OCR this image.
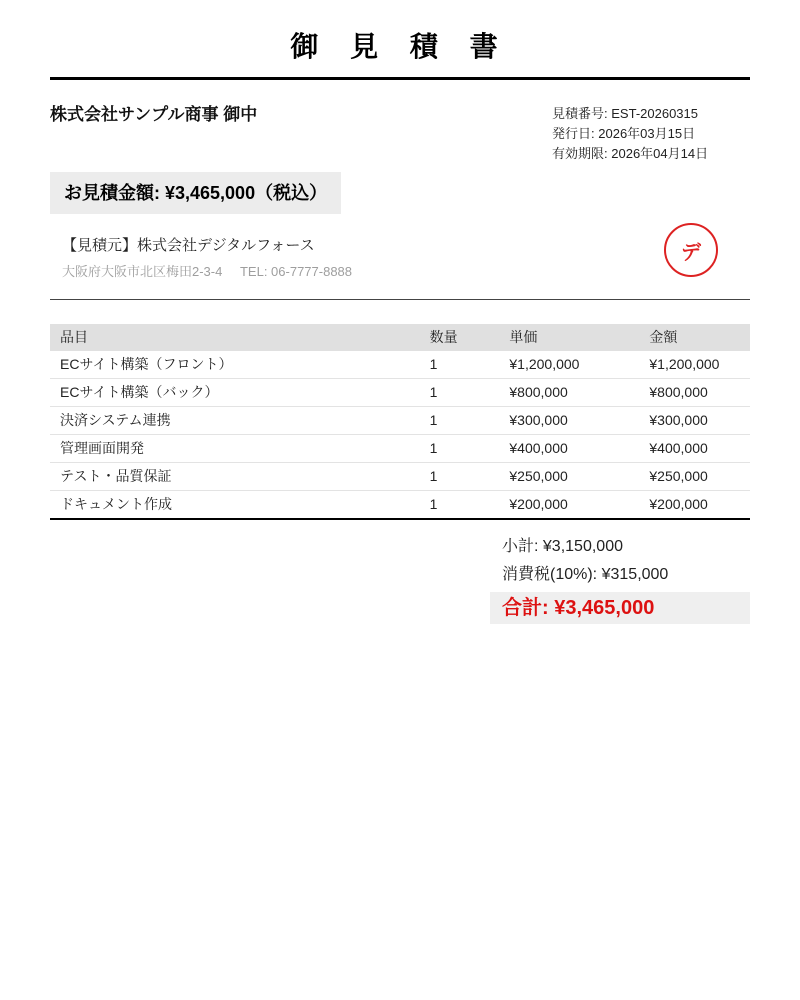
御 見 積 書
株式会社サンプル商事 御中	見積番号: EST-20260315
発行日: 2026年03月15日
有効期限: 2026年04月14日
お見積金額: ¥3,465,000（税込）
【見積元】株式会社デジタルフォース
大阪府大阪市北区梅田2-3-4 TEL: 06-7777-8888
デ
品目	数量	単価	金額
ECサイト構築（フロント）	1	¥1,200,000	¥1,200,000
ECサイト構築（バック）	1	¥800,000	¥800,000
決済システム連携	1	¥300,000	¥300,000
管理画面開発	1	¥400,000	¥400,000
テスト・品質保証	1	¥250,000	¥250,000
ドキュメント作成	1	¥200,000	¥200,000
小計: ¥3,150,000
消費税(10%): ¥315,000
合計: ¥3,465,000
